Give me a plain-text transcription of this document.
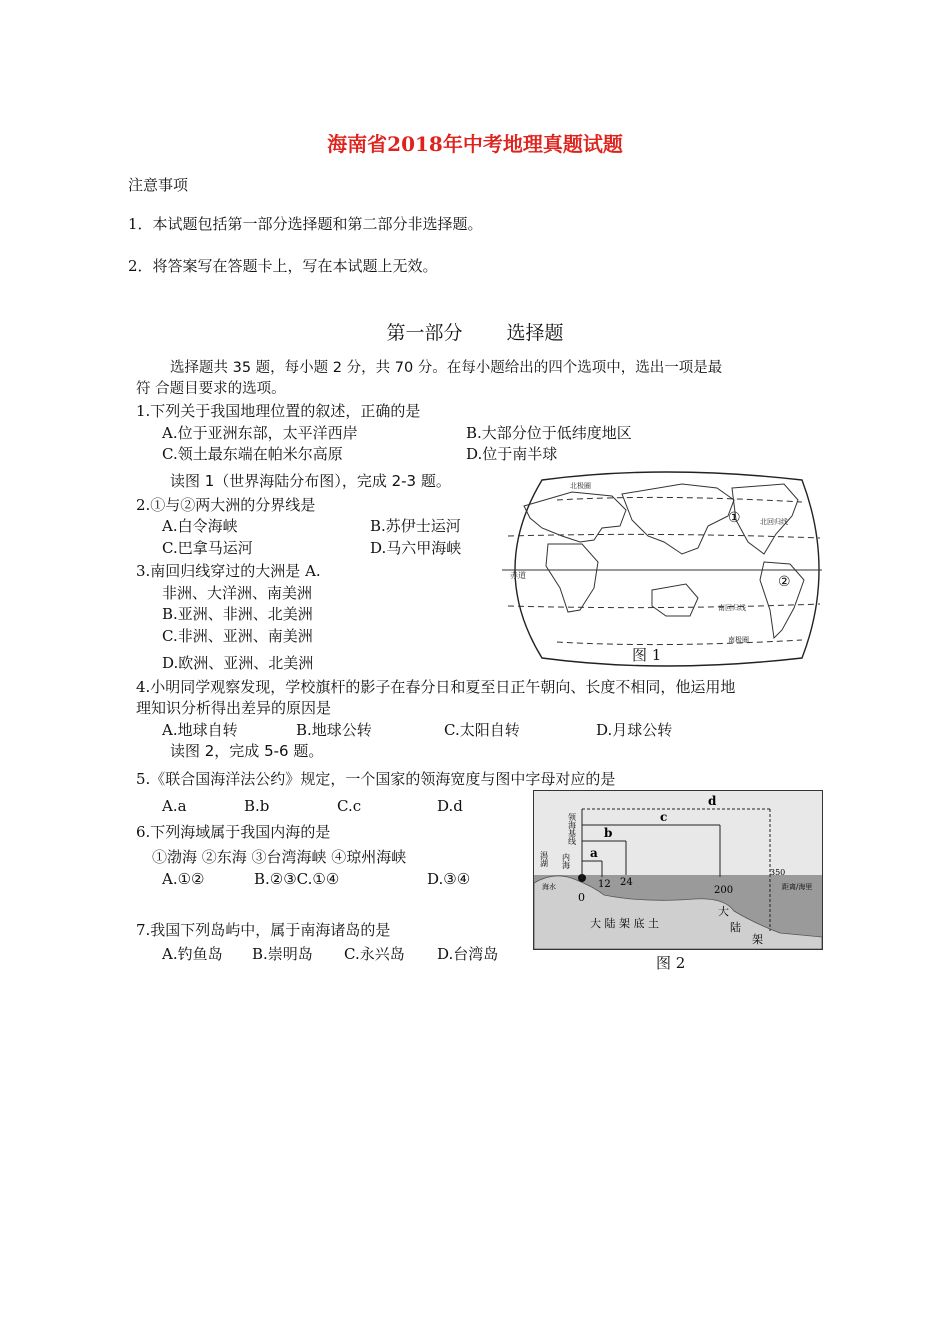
海南省2018年中考地理真题试题
注意事项
1．本试题包括第一部分选择题和第二部分非选择题。
2．将答案写在答题卡上，写在本试题上无效。
第一部分 选择题
选择题共 35 题，每小题 2 分，共 70 分。在每小题给出的四个选项中，选出一项是最
符 合题目要求的选项。
1.下列关于我国地理位置的叙述，正确的是
A.位于亚洲东部，太平洋西岸	B.大部分位于低纬度地区
C.领土最东端在帕米尔高原	D.位于南半球
读图 1（世界海陆分布图），完成 2-3 题。
2.①与②两大洲的分界线是
A.白令海峡	B.苏伊士运河
C.巴拿马运河	D.马六甲海峡
3.南回归线穿过的大洲是 A.
非洲、大洋洲、南美洲
B.亚洲、非洲、北美洲
C.非洲、亚洲、南美洲
D.欧洲、亚洲、北美洲
北极圈
北回归线
赤道
南回归线
南极圈
①
②
图 1
4.小明同学观察发现，学校旗杆的影子在春分日和夏至日正午朝向、长度不相同，他运用地
理知识分析得出差异的原因是
A.地球自转	B.地球公转	C.太阳自转	D.月球公转
读图 2，完成 5-6 题。
5.《联合国海洋法公约》规定，一个国家的领海宽度与图中字母对应的是
A.a	B.b	C.c	D.d
6.下列海域属于我国内海的是
①渤海 ②东海 ③台湾海峡 ④琼州海峡
A.①②	B.②③C.①④	D.③④
7.我国下列岛屿中，属于南海诸岛的是
A.钓鱼岛 B.崇明岛 C.永兴岛 D.台湾岛
a
b
c
d
领海基线
潟湖 内海
海水
0
12 24
200
350
距离/海里
大 陆 架 底 土
大
陆
架
图 2
